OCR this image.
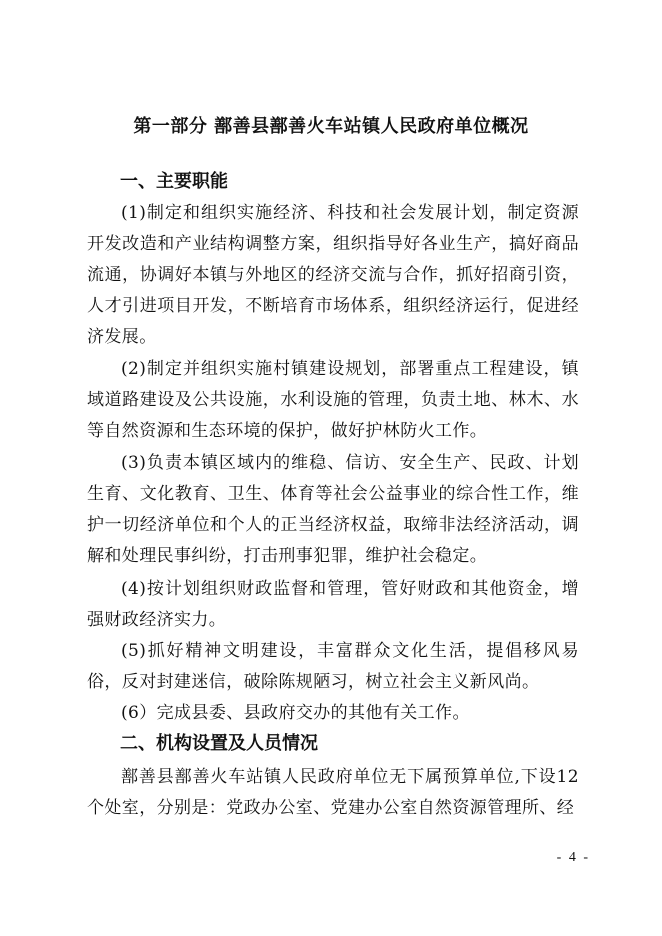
第一部分 鄯善县鄯善火车站镇人民政府单位概况
一、主要职能
(1)制定和组织实施经济、科技和社会发展计划，制定资源开发改造和产业结构调整方案，组织指导好各业生产，搞好商品流通，协调好本镇与外地区的经济交流与合作，抓好招商引资，人才引进项目开发，不断培育市场体系，组织经济运行，促进经济发展。
(2)制定并组织实施村镇建设规划，部署重点工程建设，镇域道路建设及公共设施，水利设施的管理，负责土地、林木、水等自然资源和生态环境的保护，做好护林防火工作。
(3)负责本镇区域内的维稳、信访、安全生产、民政、计划生育、文化教育、卫生、体育等社会公益事业的综合性工作，维护一切经济单位和个人的正当经济权益，取缔非法经济活动，调解和处理民事纠纷，打击刑事犯罪，维护社会稳定。
(4)按计划组织财政监督和管理，管好财政和其他资金，增强财政经济实力。
(5)抓好精神文明建设，丰富群众文化生活，提倡移风易俗，反对封建迷信，破除陈规陋习，树立社会主义新风尚。
(6）完成县委、县政府交办的其他有关工作。
二、机构设置及人员情况
鄯善县鄯善火车站镇人民政府单位无下属预算单位,下设12个处室，分别是：党政办公室、党建办公室自然资源管理所、经
- 4 -
